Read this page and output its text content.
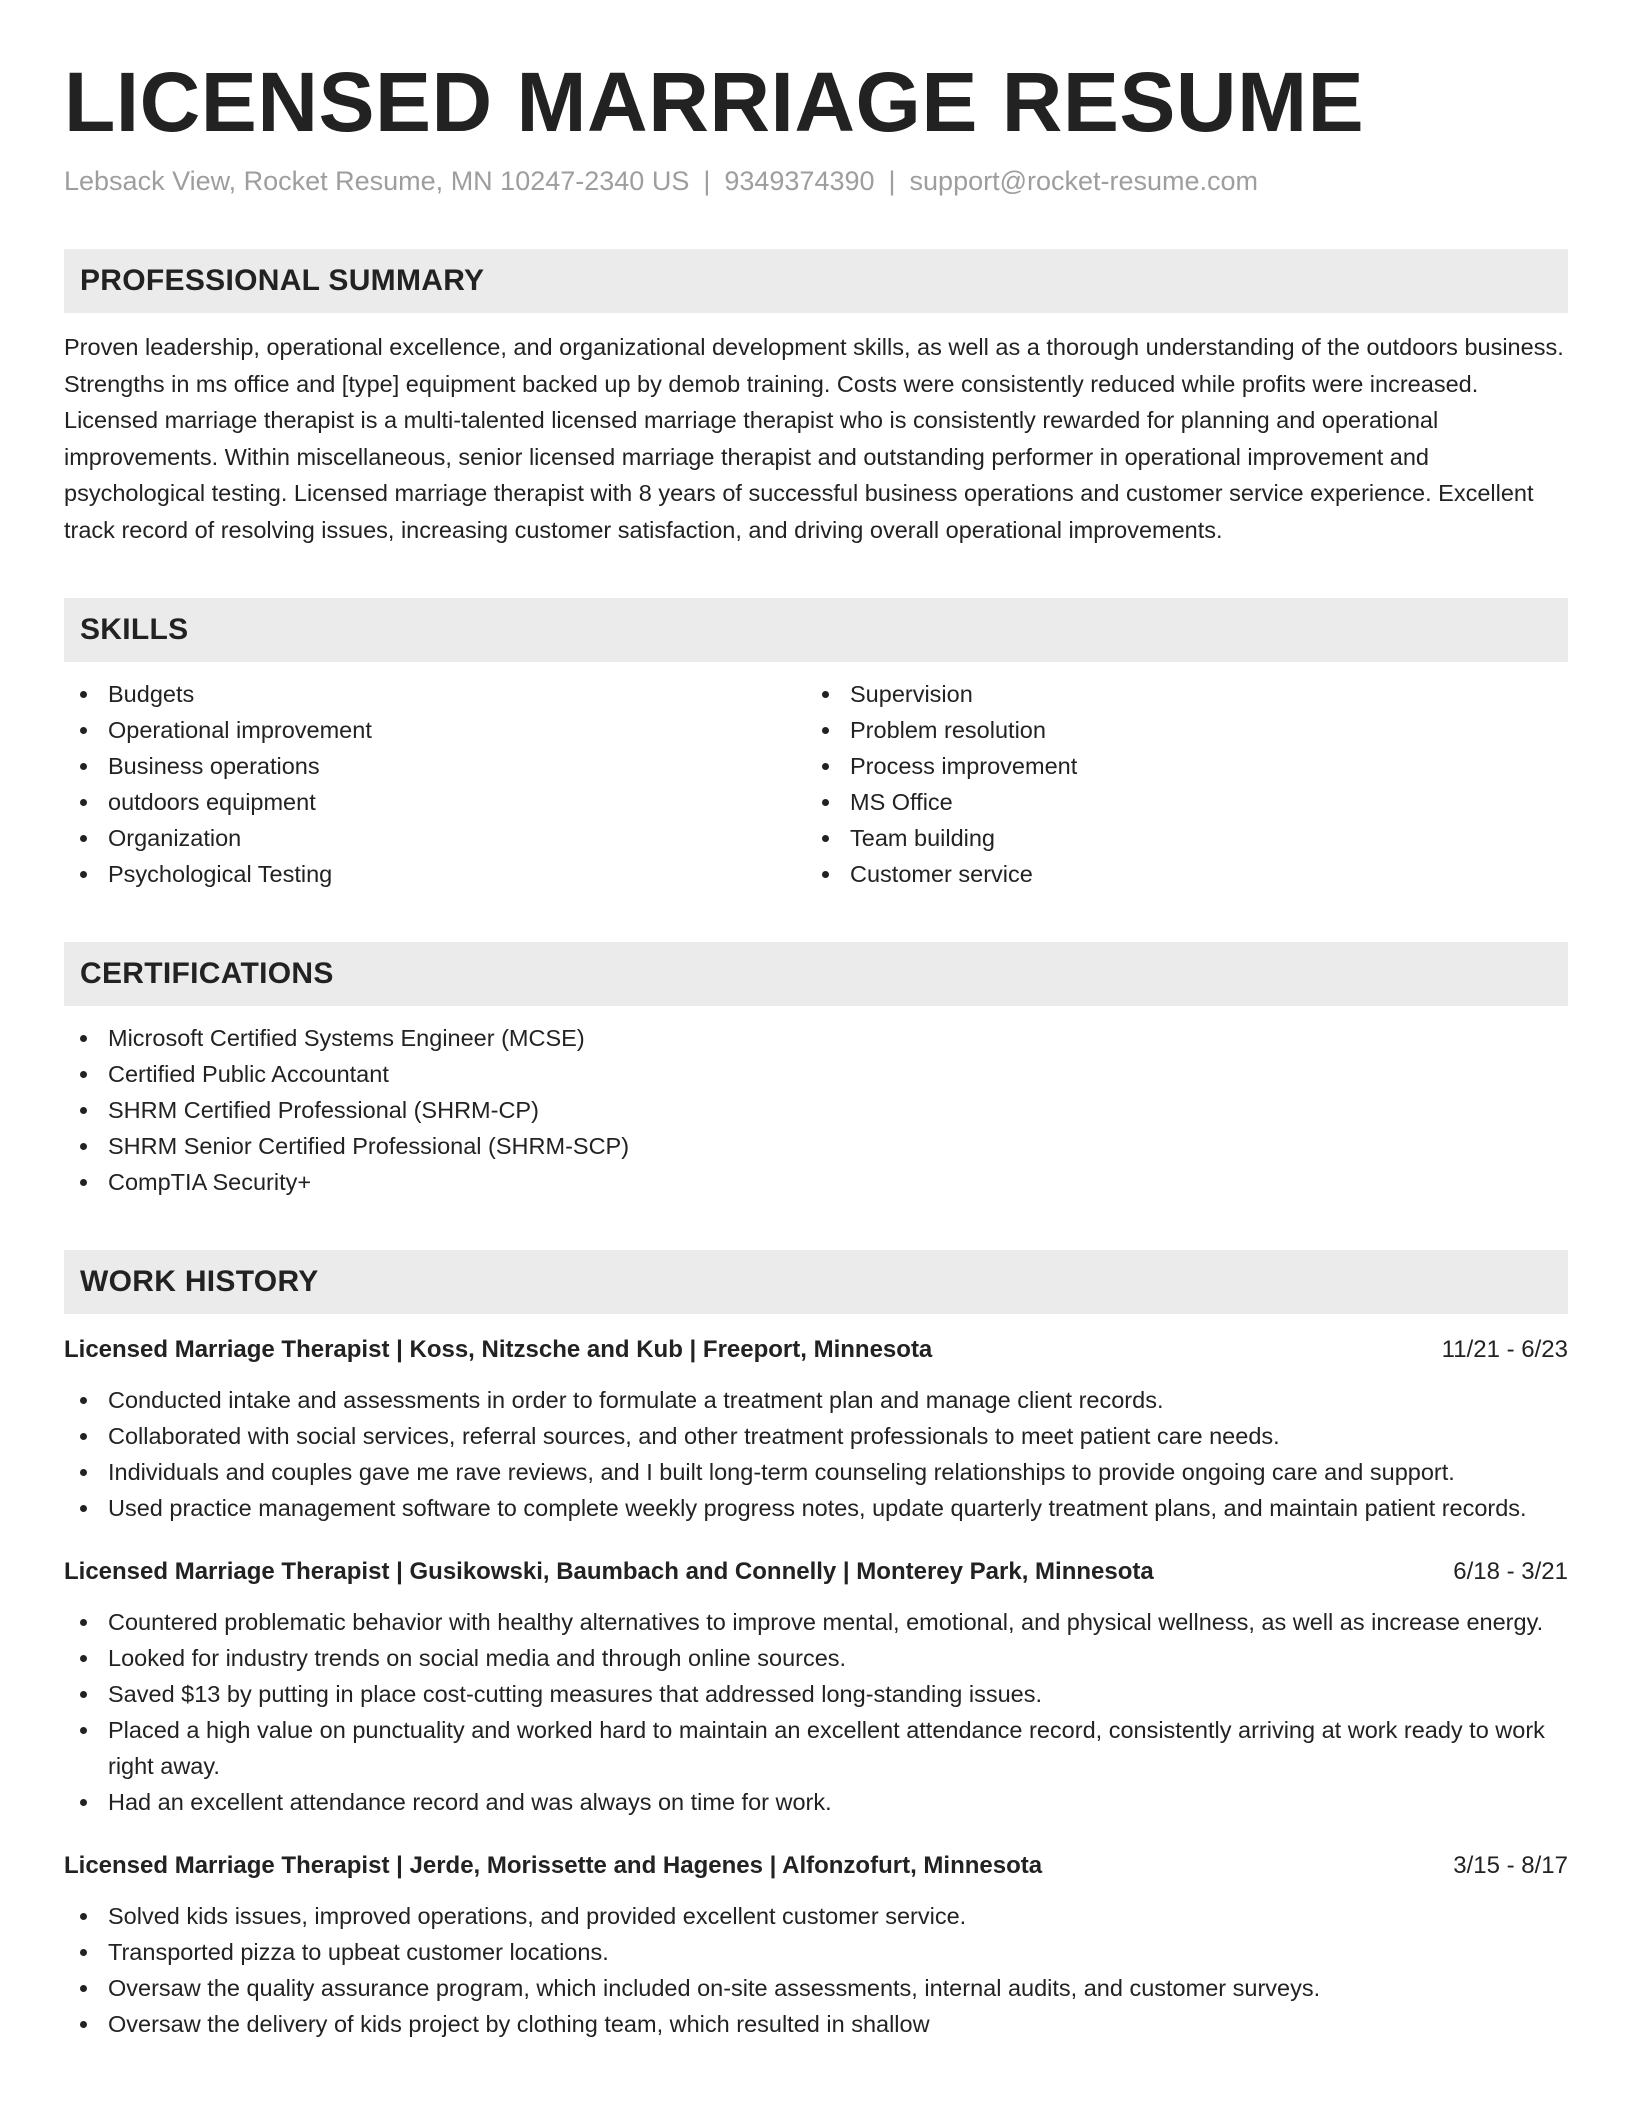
LICENSED MARRIAGE RESUME
Lebsack View, Rocket Resume, MN 10247-2340 US | 9349374390 | support@rocket-resume.com
PROFESSIONAL SUMMARY
Proven leadership, operational excellence, and organizational development skills, as well as a thorough understanding of the outdoors business. Strengths in ms office and [type] equipment backed up by demob training. Costs were consistently reduced while profits were increased. Licensed marriage therapist is a multi-talented licensed marriage therapist who is consistently rewarded for planning and operational improvements. Within miscellaneous, senior licensed marriage therapist and outstanding performer in operational improvement and psychological testing. Licensed marriage therapist with 8 years of successful business operations and customer service experience. Excellent track record of resolving issues, increasing customer satisfaction, and driving overall operational improvements.
SKILLS
Budgets
Operational improvement
Business operations
outdoors equipment
Organization
Psychological Testing
Supervision
Problem resolution
Process improvement
MS Office
Team building
Customer service
CERTIFICATIONS
Microsoft Certified Systems Engineer (MCSE)
Certified Public Accountant
SHRM Certified Professional (SHRM-CP)
SHRM Senior Certified Professional (SHRM-SCP)
CompTIA Security+
WORK HISTORY
Licensed Marriage Therapist | Koss, Nitzsche and Kub | Freeport, Minnesota	11/21 - 6/23
Conducted intake and assessments in order to formulate a treatment plan and manage client records.
Collaborated with social services, referral sources, and other treatment professionals to meet patient care needs.
Individuals and couples gave me rave reviews, and I built long-term counseling relationships to provide ongoing care and support.
Used practice management software to complete weekly progress notes, update quarterly treatment plans, and maintain patient records.
Licensed Marriage Therapist | Gusikowski, Baumbach and Connelly | Monterey Park, Minnesota	6/18 - 3/21
Countered problematic behavior with healthy alternatives to improve mental, emotional, and physical wellness, as well as increase energy.
Looked for industry trends on social media and through online sources.
Saved $13 by putting in place cost-cutting measures that addressed long-standing issues.
Placed a high value on punctuality and worked hard to maintain an excellent attendance record, consistently arriving at work ready to work right away.
Had an excellent attendance record and was always on time for work.
Licensed Marriage Therapist | Jerde, Morissette and Hagenes | Alfonzofurt, Minnesota	3/15 - 8/17
Solved kids issues, improved operations, and provided excellent customer service.
Transported pizza to upbeat customer locations.
Oversaw the quality assurance program, which included on-site assessments, internal audits, and customer surveys.
Oversaw the delivery of kids project by clothing team, which resulted in shallow
